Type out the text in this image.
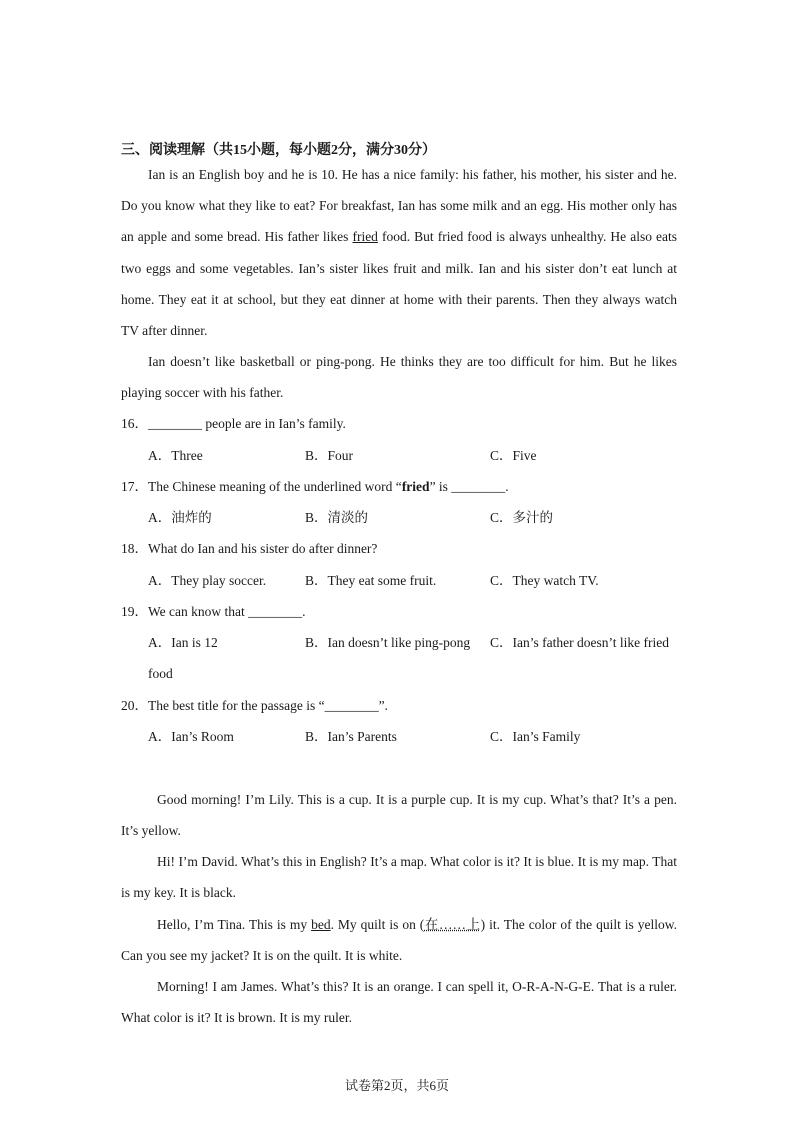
三、阅读理解（共15小题，每小题2分，满分30分）

Ian is an English boy and he is 10. He has a nice family: his father, his mother, his sister and he. Do you know what they like to eat? For breakfast, Ian has some milk and an egg. His mother only has an apple and some bread. His father likes fried food. But fried food is always unhealthy. He also eats two eggs and some vegetables. Ian’s sister likes fruit and milk. Ian and his sister don’t eat lunch at home. They eat it at school, but they eat dinner at home with their parents. Then they always watch TV after dinner.

Ian doesn’t like basketball or ping-pong. He thinks they are too difficult for him. But he likes playing soccer with his father.

16．________ people are in Ian’s family.
A．Three	B．Four	C．Five
17．The Chinese meaning of the underlined word “fried” is ________.
A．油炸的	B．清淡的	C．多汁的
18．What do Ian and his sister do after dinner?
A．They play soccer.	B．They eat some fruit.	C．They watch TV.
19．We can know that ________.
A．Ian is 12	B．Ian doesn’t like ping-pong C．Ian’s father doesn’t like fried
food
20．The best title for the passage is “________”.
A．Ian’s Room	B．Ian’s Parents	C．Ian’s Family

Good morning! I’m Lily. This is a cup. It is a purple cup. It is my cup. What’s that? It’s a pen. It’s yellow.

Hi! I’m David. What’s this in English? It’s a map. What color is it? It is blue. It is my map. That is my key. It is black.

Hello, I’m Tina. This is my bed. My quilt is on (在……上) it. The color of the quilt is yellow. Can you see my jacket? It is on the quilt. It is white.

Morning! I am James. What’s this? It is an orange. I can spell it, O-R-A-N-G-E. That is a ruler. What color is it? It is brown. It is my ruler.

试卷第2页，共6页
